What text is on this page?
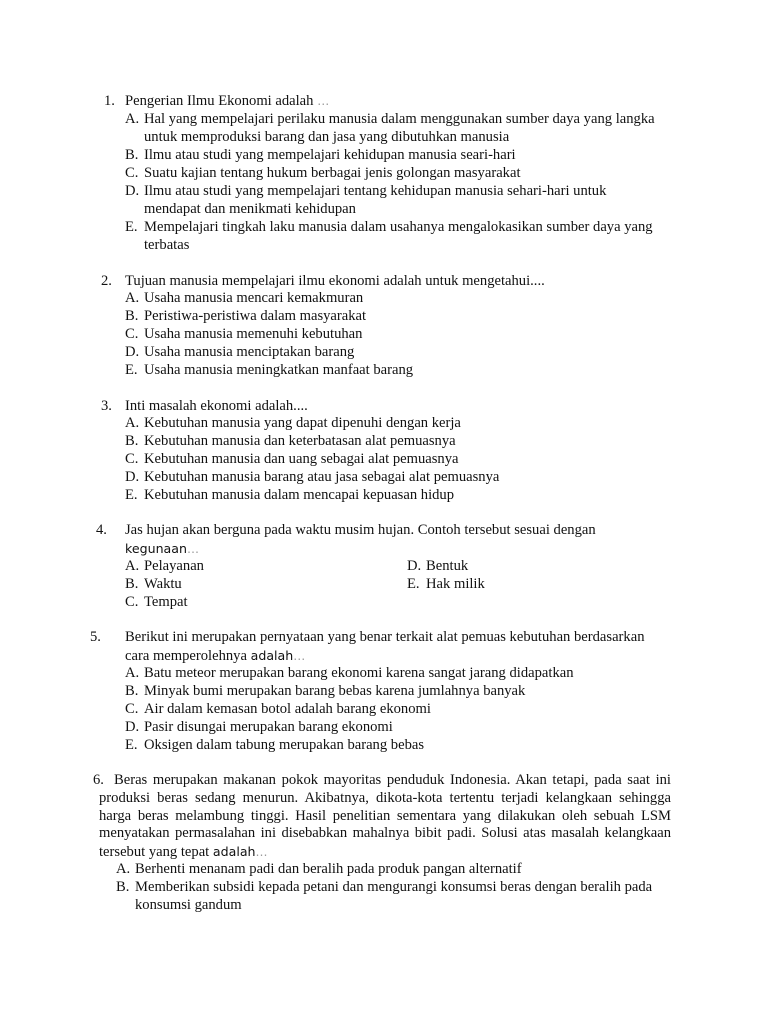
1. Pengerian Ilmu Ekonomi adalah …
A. Hal yang mempelajari perilaku manusia dalam menggunakan sumber daya yang langka untuk memproduksi barang dan jasa yang dibutuhkan manusia
B. Ilmu atau studi yang mempelajari kehidupan manusia seari-hari
C. Suatu kajian tentang hukum berbagai jenis golongan masyarakat
D. Ilmu atau studi yang mempelajari tentang kehidupan manusia sehari-hari untuk mendapat dan menikmati kehidupan
E. Mempelajari tingkah laku manusia dalam usahanya mengalokasikan sumber daya yang terbatas
2. Tujuan manusia mempelajari ilmu ekonomi adalah untuk mengetahui....
A. Usaha manusia mencari kemakmuran
B. Peristiwa-peristiwa dalam masyarakat
C. Usaha manusia memenuhi kebutuhan
D. Usaha manusia menciptakan barang
E. Usaha manusia meningkatkan manfaat barang
3. Inti masalah ekonomi adalah....
A. Kebutuhan manusia yang dapat dipenuhi dengan kerja
B. Kebutuhan manusia dan keterbatasan alat pemuasnya
C. Kebutuhan manusia dan uang sebagai alat pemuasnya
D. Kebutuhan manusia barang atau jasa sebagai alat pemuasnya
E. Kebutuhan manusia dalam mencapai kepuasan hidup
4. Jas hujan akan berguna pada waktu musim hujan. Contoh tersebut sesuai dengan
kegunaan…
A. Pelayanan
B. Waktu
C. Tempat
D. Bentuk
E. Hak milik
5. Berikut ini merupakan pernyataan yang benar terkait alat pemuas kebutuhan berdasarkan
cara memperolehnya adalah…
A. Batu meteor merupakan barang ekonomi karena sangat jarang didapatkan
B. Minyak bumi merupakan barang bebas karena jumlahnya banyak
C. Air dalam kemasan botol adalah barang ekonomi
D. Pasir disungai merupakan barang ekonomi
E. Oksigen dalam tabung merupakan barang bebas
6. Beras merupakan makanan pokok mayoritas penduduk Indonesia. Akan tetapi, pada saat ini produksi beras sedang menurun. Akibatnya, dikota-kota tertentu terjadi kelangkaan sehingga harga beras melambung tinggi. Hasil penelitian sementara yang dilakukan oleh sebuah LSM menyatakan permasalahan ini disebabkan mahalnya bibit padi. Solusi atas masalah kelangkaan tersebut yang tepat adalah…
A. Berhenti menanam padi dan beralih pada produk pangan alternatif
B. Memberikan subsidi kepada petani dan mengurangi konsumsi beras dengan beralih pada konsumsi gandum
